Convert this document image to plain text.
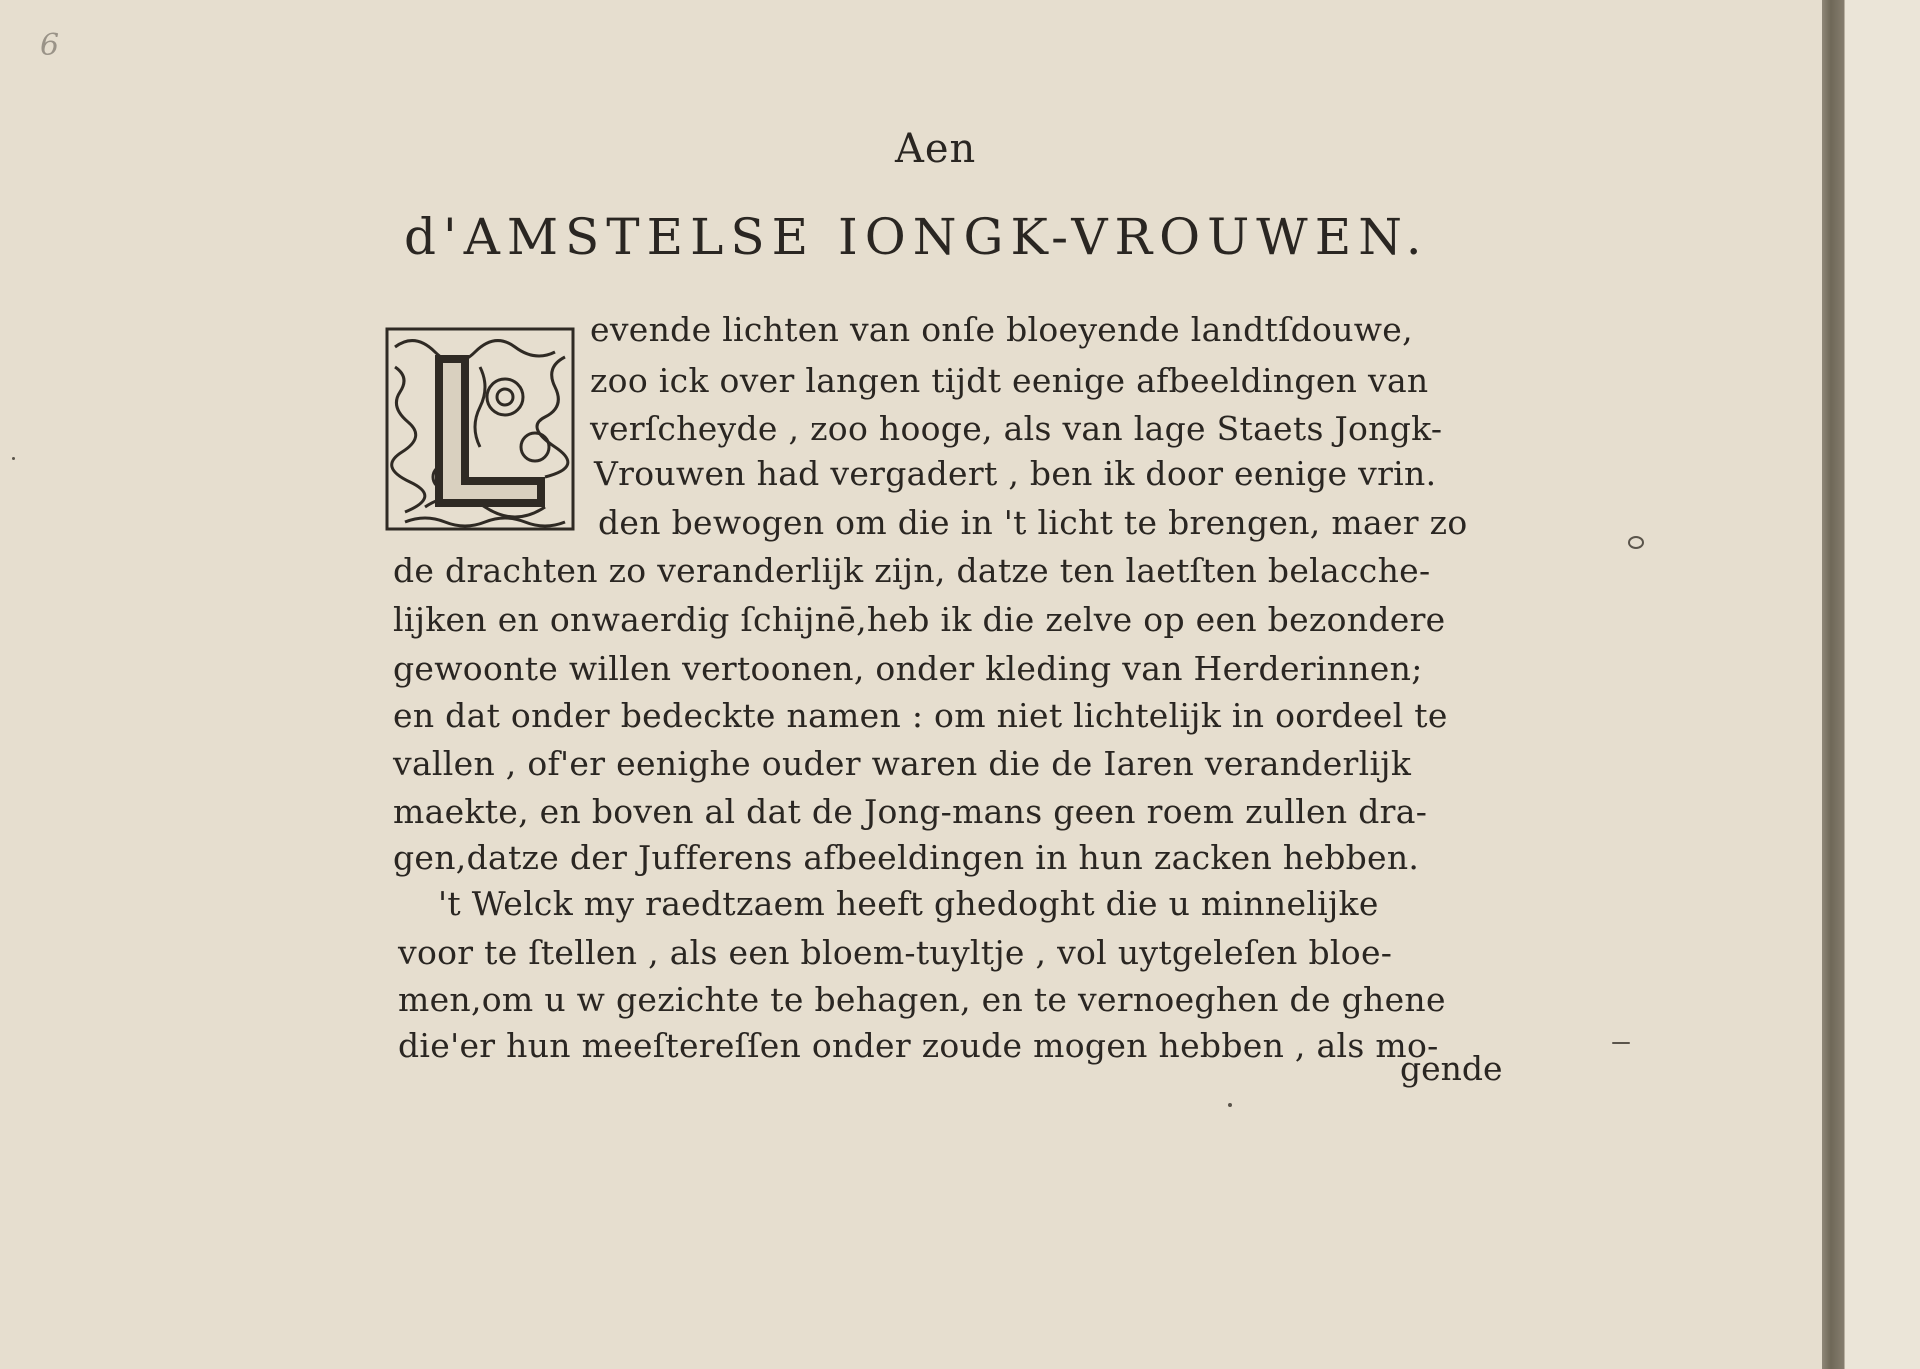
6
Aen
d'AMSTELSE IONGK-VROUWEN.
L
evende lichten van onſe bloeyende landtſdouwe,
zoo ick over langen tijdt eenige afbeeldingen van
verſcheyde , zoo hooge, als van lage Staets Jongk-
Vrouwen had vergadert , ben ik door eenige vrin.
den bewogen om die in 't licht te brengen, maer zo
de drachten zo veranderlijk zijn, datze ten laetſten belacche-
lijken en onwaerdig ſchijnē,heb ik die zelve op een bezondere
gewoonte willen vertoonen, onder kleding van Herderinnen;
en dat onder bedeckte namen : om niet lichtelijk in oordeel te
vallen , of'er eenighe ouder waren die de Iaren veranderlijk
maekte, en boven al dat de Jong-mans geen roem zullen dra-
gen,datze der Jufferens afbeeldingen in hun zacken hebben.
't Welck my raedtzaem heeft ghedoght die u minnelijke
voor te ſtellen , als een bloem-tuyltje , vol uytgeleſen bloe-
men,om u w gezichte te behagen, en te vernoeghen de ghene
die'er hun meeſtereſſen onder zoude mogen hebben , als mo-
gende
